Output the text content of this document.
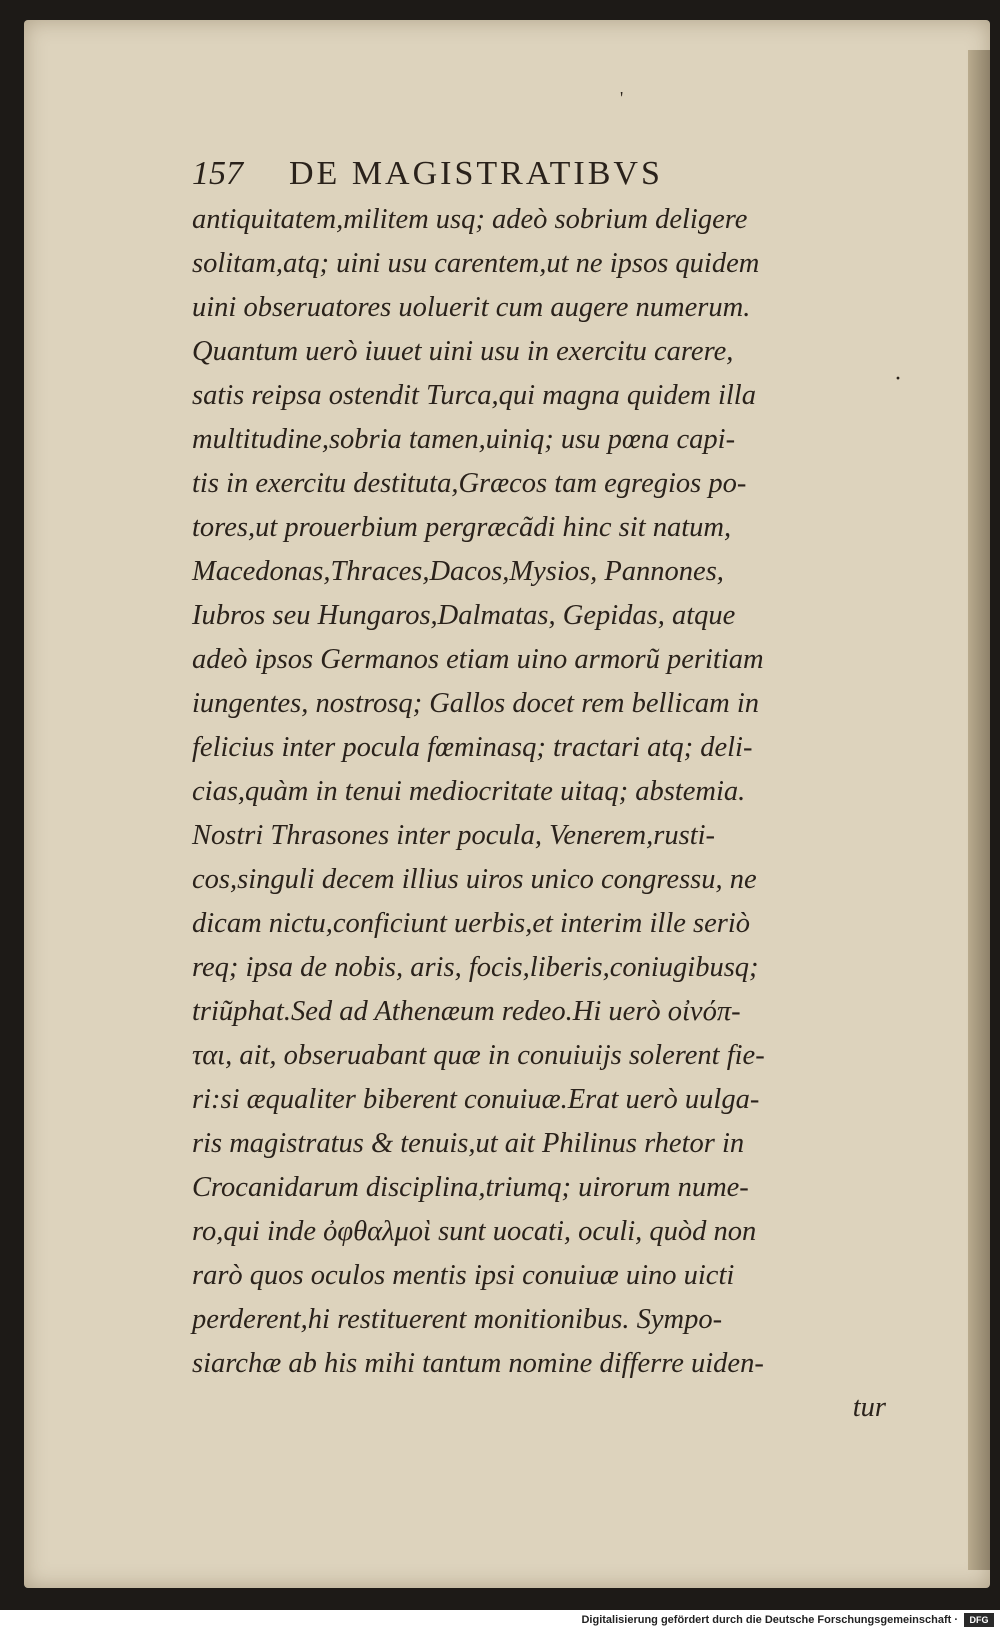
157 DE MAGISTRATIBVS
antiquitatem,militem usq; adeò sobrium deligere
solitam,atq; uini usu carentem,ut ne ipsos quidem
uini obseruatores uoluerit cum augere numerum.
Quantum uerò iuuet uini usu in exercitu carere,
satis reipsa ostendit Turca,qui magna quidem illa
multitudine,sobria tamen,uiniq; usu pœna capi-
tis in exercitu destituta,Græcos tam egregios po-
tores,ut prouerbium pergræcãdi hinc sit natum,
Macedonas,Thraces,Dacos,Mysios, Pannones,
Iubros seu Hungaros,Dalmatas, Gepidas, atque
adeò ipsos Germanos etiam uino armorũ peritiam
iungentes, nostrosq; Gallos docet rem bellicam in
felicius inter pocula fœminasq; tractari atq; deli-
cias,quàm in tenui mediocritate uitaq; abstemia.
Nostri Thrasones inter pocula, Venerem,rusti-
cos,singuli decem illius uiros unico congressu, ne
dicam nictu,conficiunt uerbis,et interim ille seriò
req; ipsa de nobis, aris, focis,liberis,coniugibusq;
triũphat.Sed ad Athenæum redeo.Hi uerò οἰνόπ-
ται, ait, obseruabant quæ in conuiuijs solerent fie-
ri:si æqualiter biberent conuiuæ.Erat uerò uulga-
ris magistratus & tenuis,ut ait Philinus rhetor in
Crocanidarum disciplina,triumq; uirorum nume-
ro,qui inde ὀφθαλμοὶ sunt uocati, oculi, quòd non
rarò quos oculos mentis ipsi conuiuæ uino uicti
perderent,hi restituerent monitionibus. Sympo-
siarchæ ab his mihi tantum nomine differre uiden-
tur
'
·
Digitalisierung gefördert durch die Deutsche Forschungsgemeinschaft ·	DFG
